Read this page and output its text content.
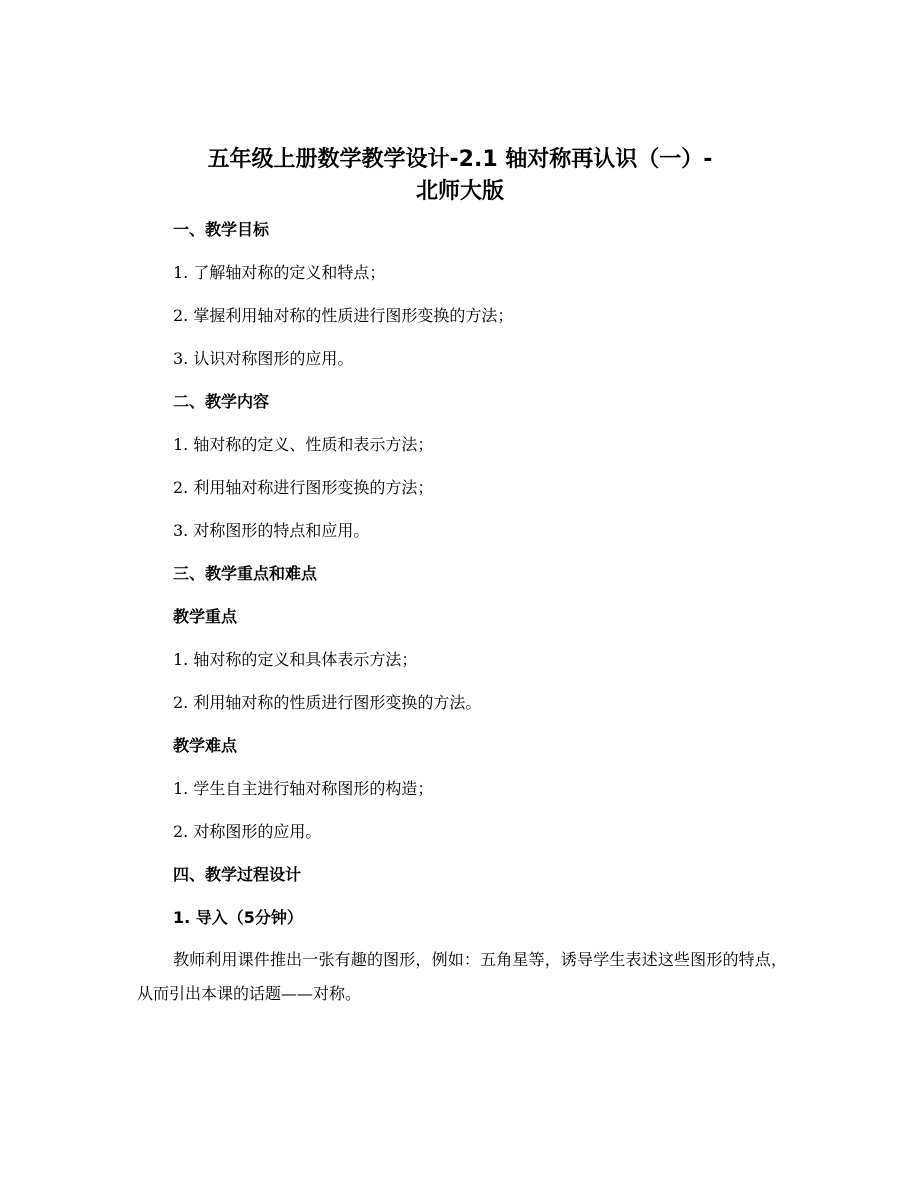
五年级上册数学教学设计-2.1 轴对称再认识（一）-
北师大版

一、教学目标

1. 了解轴对称的定义和特点；

2. 掌握利用轴对称的性质进行图形变换的方法；

3. 认识对称图形的应用。

二、教学内容

1. 轴对称的定义、性质和表示方法；

2. 利用轴对称进行图形变换的方法；

3. 对称图形的特点和应用。

三、教学重点和难点

教学重点

1. 轴对称的定义和具体表示方法；

2. 利用轴对称的性质进行图形变换的方法。

教学难点

1. 学生自主进行轴对称图形的构造；

2. 对称图形的应用。

四、教学过程设计

1. 导入（5分钟）

教师利用课件推出一张有趣的图形，例如：五角星等，诱导学生表述这些图形的特点，从而引出本课的话题——对称。
